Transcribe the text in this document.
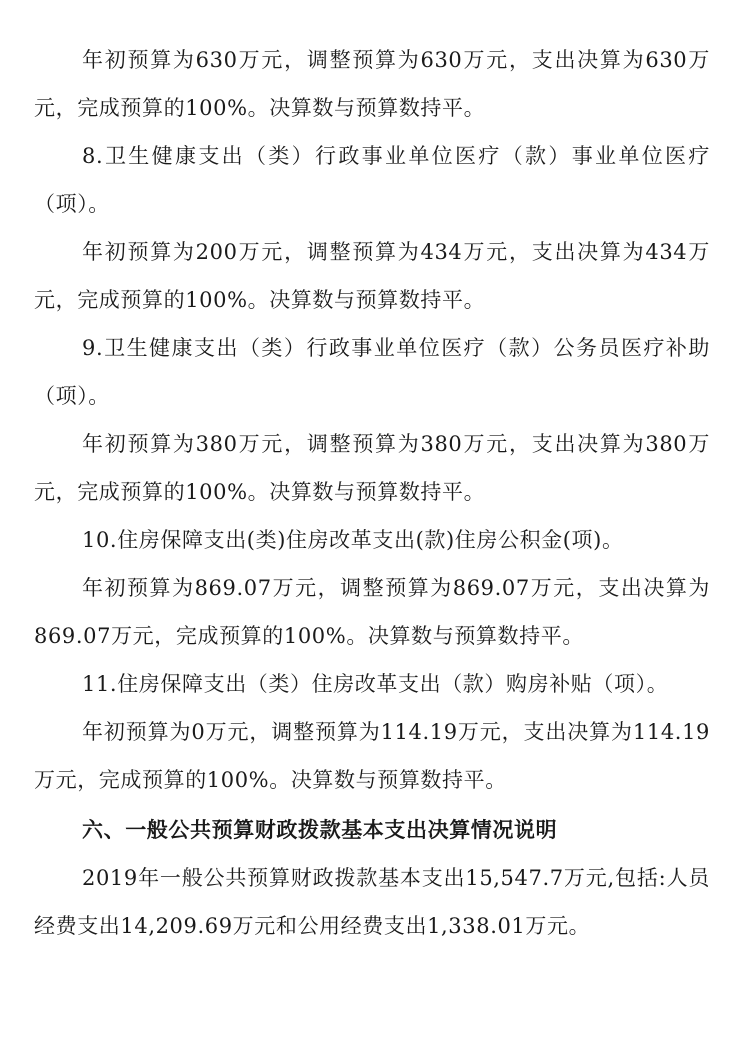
年初预算为630万元，调整预算为630万元，支出决算为630万元，完成预算的100%。决算数与预算数持平。

8.卫生健康支出（类）行政事业单位医疗（款）事业单位医疗（项）。

年初预算为200万元，调整预算为434万元，支出决算为434万元，完成预算的100%。决算数与预算数持平。

9.卫生健康支出（类）行政事业单位医疗（款）公务员医疗补助（项）。

年初预算为380万元，调整预算为380万元，支出决算为380万元，完成预算的100%。决算数与预算数持平。

10.住房保障支出(类)住房改革支出(款)住房公积金(项)。

年初预算为869.07万元，调整预算为869.07万元，支出决算为869.07万元，完成预算的100%。决算数与预算数持平。

11.住房保障支出（类）住房改革支出（款）购房补贴（项）。

年初预算为0万元，调整预算为114.19万元，支出决算为114.19万元，完成预算的100%。决算数与预算数持平。

六、一般公共预算财政拨款基本支出决算情况说明

2019年一般公共预算财政拨款基本支出15,547.7万元,包括:人员经费支出14,209.69万元和公用经费支出1,338.01万元。
